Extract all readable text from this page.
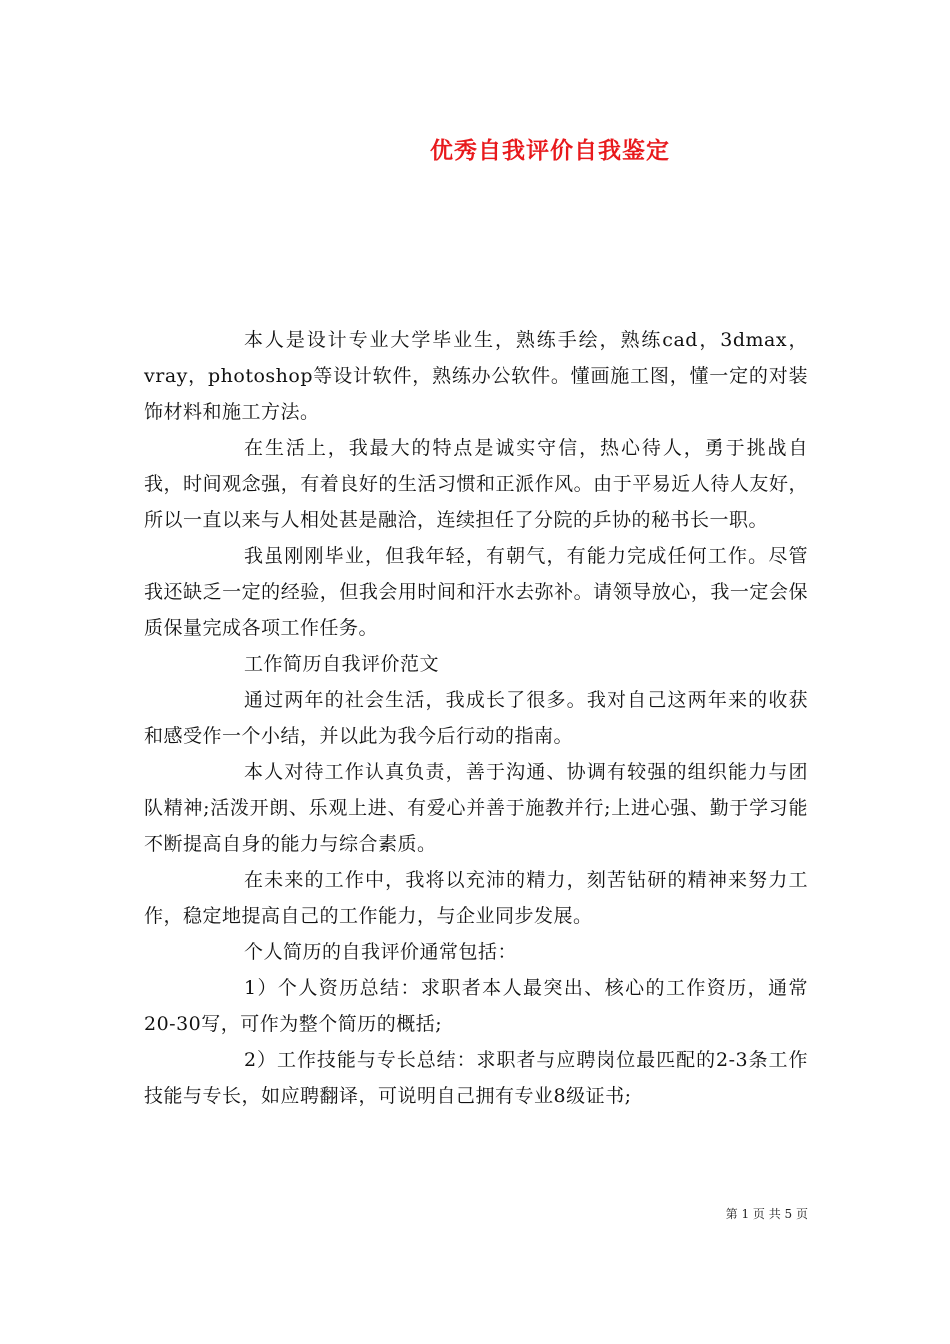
优秀自我评价自我鉴定

本人是设计专业大学毕业生，熟练手绘，熟练cad，3dmax，vray，photoshop等设计软件，熟练办公软件。懂画施工图，懂一定的对装饰材料和施工方法。

在生活上，我最大的特点是诚实守信，热心待人，勇于挑战自我，时间观念强，有着良好的生活习惯和正派作风。由于平易近人待人友好，所以一直以来与人相处甚是融洽，连续担任了分院的乒协的秘书长一职。

我虽刚刚毕业，但我年轻，有朝气，有能力完成任何工作。尽管我还缺乏一定的经验，但我会用时间和汗水去弥补。请领导放心，我一定会保质保量完成各项工作任务。

工作简历自我评价范文

通过两年的社会生活，我成长了很多。我对自己这两年来的收获和感受作一个小结，并以此为我今后行动的指南。

本人对待工作认真负责，善于沟通、协调有较强的组织能力与团队精神;活泼开朗、乐观上进、有爱心并善于施教并行;上进心强、勤于学习能不断提高自身的能力与综合素质。

在未来的工作中，我将以充沛的精力，刻苦钻研的精神来努力工作，稳定地提高自己的工作能力，与企业同步发展。

个人简历的自我评价通常包括：

1）个人资历总结：求职者本人最突出、核心的工作资历，通常20-30写，可作为整个简历的概括;

2）工作技能与专长总结：求职者与应聘岗位最匹配的2-3条工作技能与专长，如应聘翻译，可说明自己拥有专业8级证书;

第 1 页 共 5 页
